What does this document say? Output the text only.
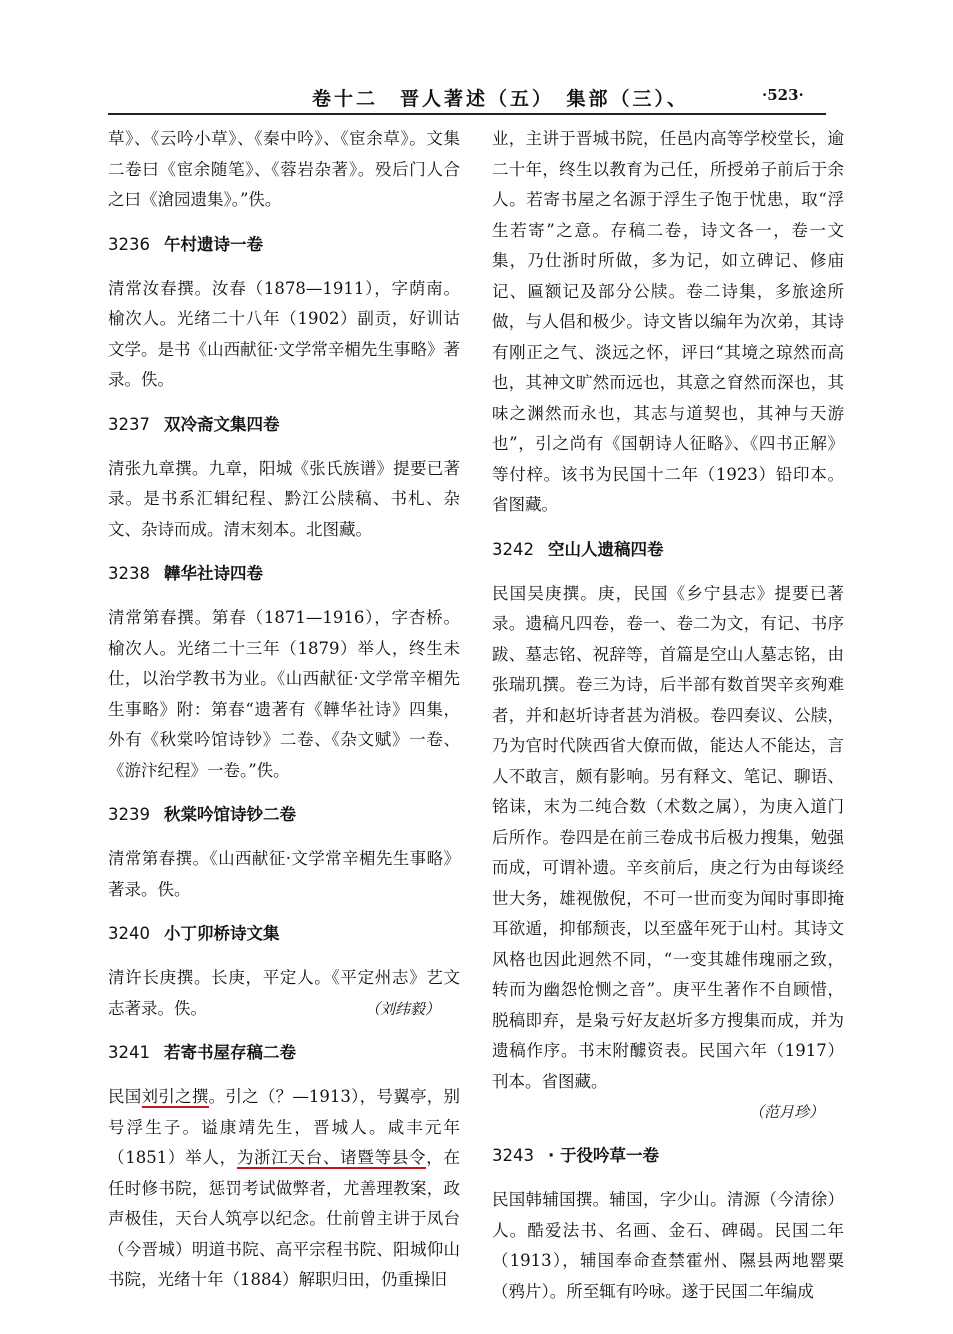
卷十二　晋人著述（五）　集部（三）、	·523·

草》、《云吟小草》、《秦中吟》、《宦余草》。文集二卷曰《宦余随笔》、《蓉岩杂著》。殁后门人合之曰《滄园遗集》。”佚。

3236 午村遗诗一卷

清常汝春撰。汝春（1878—1911），字荫南。榆次人。光绪二十八年（1902）副贡，好训诂文学。是书《山西献征·文学常辛楣先生事略》著录。佚。

3237 双冷斋文集四卷

清张九章撰。九章，阳城《张氏族谱》提要已著录。是书系汇辑纪程、黔江公牍稿、书札、杂文、杂诗而成。清末刻本。北图藏。

3238 韡华社诗四卷

清常第春撰。第春（1871—1916），字杏桥。榆次人。光绪二十三年（1879）举人，终生未仕，以治学教书为业。《山西献征·文学常辛楣先生事略》附：第春“遗著有《韡华社诗》四集，外有《秋棠吟馆诗钞》二卷、《杂文赋》一卷、《游汴纪程》一卷。”佚。

3239 秋棠吟馆诗钞二卷

清常第春撰。《山西献征·文学常辛楣先生事略》著录。佚。

3240 小丁卯桥诗文集

清许长庚撰。长庚，平定人。《平定州志》艺文志著录。佚。	（刘纬毅）
3241 若寄书屋存稿二卷

民国刘引之撰。引之（？—1913），号翼亭，别号浮生子。谥康靖先生，晋城人。咸丰元年（1851）举人，为浙江天台、诸暨等县令，在任时修书院，惩罚考试做弊者，尤善理教案，政声极佳，天台人筑亭以纪念。仕前曾主讲于凤台（今晋城）明道书院、高平宗程书院、阳城仰山书院，光绪十年（1884）解职归田，仍重操旧

业，主讲于晋城书院，任邑内高等学校堂长，逾二十年，终生以教育为己任，所授弟子前后于余人。若寄书屋之名源于浮生子饱于忧患，取“浮生若寄”之意。存稿二卷，诗文各一，卷一文集，乃仕浙时所做，多为记，如立碑记、修庙记、匾额记及部分公牍。卷二诗集，多旅途所做，与人倡和极少。诗文皆以编年为次弟，其诗有刚正之气、淡远之怀，评曰“其境之琼然而高也，其神文旷然而远也，其意之窅然而深也，其味之渊然而永也，其志与道契也，其神与天游也”，引之尚有《国朝诗人征略》、《四书正解》等付梓。该书为民国十二年（1923）铅印本。省图藏。

3242 空山人遗稿四卷

民国吴庚撰。庚，民国《乡宁县志》提要已著录。遗稿凡四卷，卷一、卷二为文，有记、书序跋、墓志铭、祝辞等，首篇是空山人墓志铭，由张瑞玑撰。卷三为诗，后半部有数首哭辛亥殉难者，并和赵圻诗者甚为消极。卷四奏议、公牍，乃为官时代陕西省大僚而做，能达人不能达，言人不敢言，颇有影响。另有释文、笔记、聊语、铭诔，末为二纯合数（术数之属），为庚入道门后所作。卷四是在前三卷成书后极力搜集，勉强而成，可谓补遗。辛亥前后，庚之行为由每谈经世大务，雄视傲倪，不可一世而变为闻时事即掩耳欲遁，抑郁颓丧，以至盛年死于山村。其诗文风格也因此迥然不同，“一变其雄伟瑰丽之致，转而为幽怨怆恻之音”。庚平生著作不自顾惜，脱稿即弃，是枭亏好友赵圻多方搜集而成，并为遗稿作序。书末附醵资表。民国六年（1917）刊本。省图藏。

（范月珍）
3243 · 于役吟草一卷

民国韩辅国撰。辅国，字少山。清源（今清徐）人。酷爱法书、名画、金石、碑碣。民国二年（1913），辅国奉命查禁霍州、隰县两地罂粟（鸦片）。所至辄有吟咏。遂于民国二年编成
